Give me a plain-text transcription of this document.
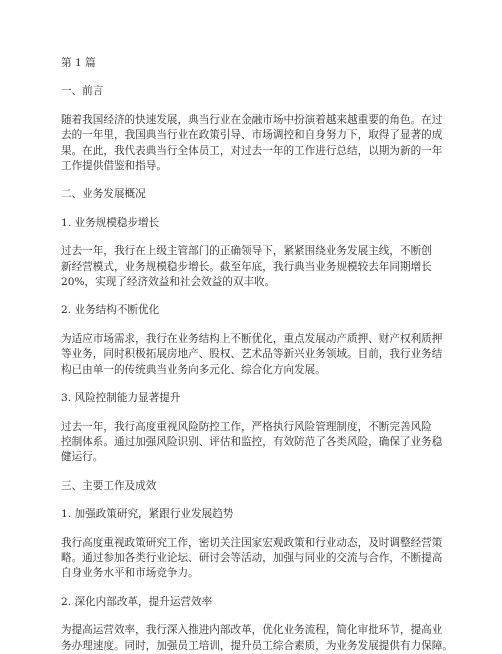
第 1 篇

一、前言

随着我国经济的快速发展，典当行业在金融市场中扮演着越来越重要的角色。在过

去的一年里，我国典当行业在政策引导、市场调控和自身努力下，取得了显著的成

果。在此，我代表典当行全体员工，对过去一年的工作进行总结，以期为新的一年

工作提供借鉴和指导。

二、业务发展概况

1. 业务规模稳步增长

过去一年，我行在上级主管部门的正确领导下，紧紧围绕业务发展主线，不断创

新经营模式，业务规模稳步增长。截至年底，我行典当业务规模较去年同期增长

20%，实现了经济效益和社会效益的双丰收。

2. 业务结构不断优化

为适应市场需求，我行在业务结构上不断优化，重点发展动产质押、财产权利质押

等业务，同时积极拓展房地产、股权、艺术品等新兴业务领域。目前，我行业务结

构已由单一的传统典当业务向多元化、综合化方向发展。

3. 风险控制能力显著提升

过去一年，我行高度重视风险防控工作，严格执行风险管理制度，不断完善风险

控制体系。通过加强风险识别、评估和监控，有效防范了各类风险，确保了业务稳

健运行。

三、主要工作及成效

1. 加强政策研究，紧跟行业发展趋势

我行高度重视政策研究工作，密切关注国家宏观政策和行业动态，及时调整经营策

略。通过参加各类行业论坛、研讨会等活动，加强与同业的交流与合作，不断提高

自身业务水平和市场竞争力。

2. 深化内部改革，提升运营效率

为提高运营效率，我行深入推进内部改革，优化业务流程，简化审批环节，提高业

务办理速度。同时，加强员工培训，提升员工综合素质，为业务发展提供有力保障。
